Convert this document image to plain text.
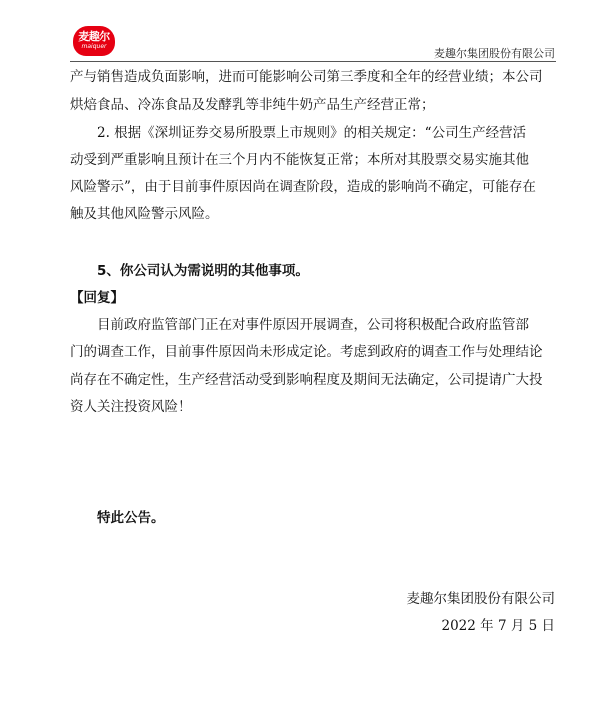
麦趣尔
maiquer
麦趣尔集团股份有限公司
产与销售造成负面影响，进而可能影响公司第三季度和全年的经营业绩；本公司
烘焙食品、冷冻食品及发酵乳等非纯牛奶产品生产经营正常；
2. 根据《深圳证券交易所股票上市规则》的相关规定：“公司生产经营活
动受到严重影响且预计在三个月内不能恢复正常；本所对其股票交易实施其他
风险警示”，由于目前事件原因尚在调查阶段，造成的影响尚不确定，可能存在
触及其他风险警示风险。
5、你公司认为需说明的其他事项。
【回复】
目前政府监管部门正在对事件原因开展调查，公司将积极配合政府监管部
门的调查工作，目前事件原因尚未形成定论。考虑到政府的调查工作与处理结论
尚存在不确定性，生产经营活动受到影响程度及期间无法确定，公司提请广大投
资人关注投资风险！
特此公告。
麦趣尔集团股份有限公司
2022 年 7 月 5 日
